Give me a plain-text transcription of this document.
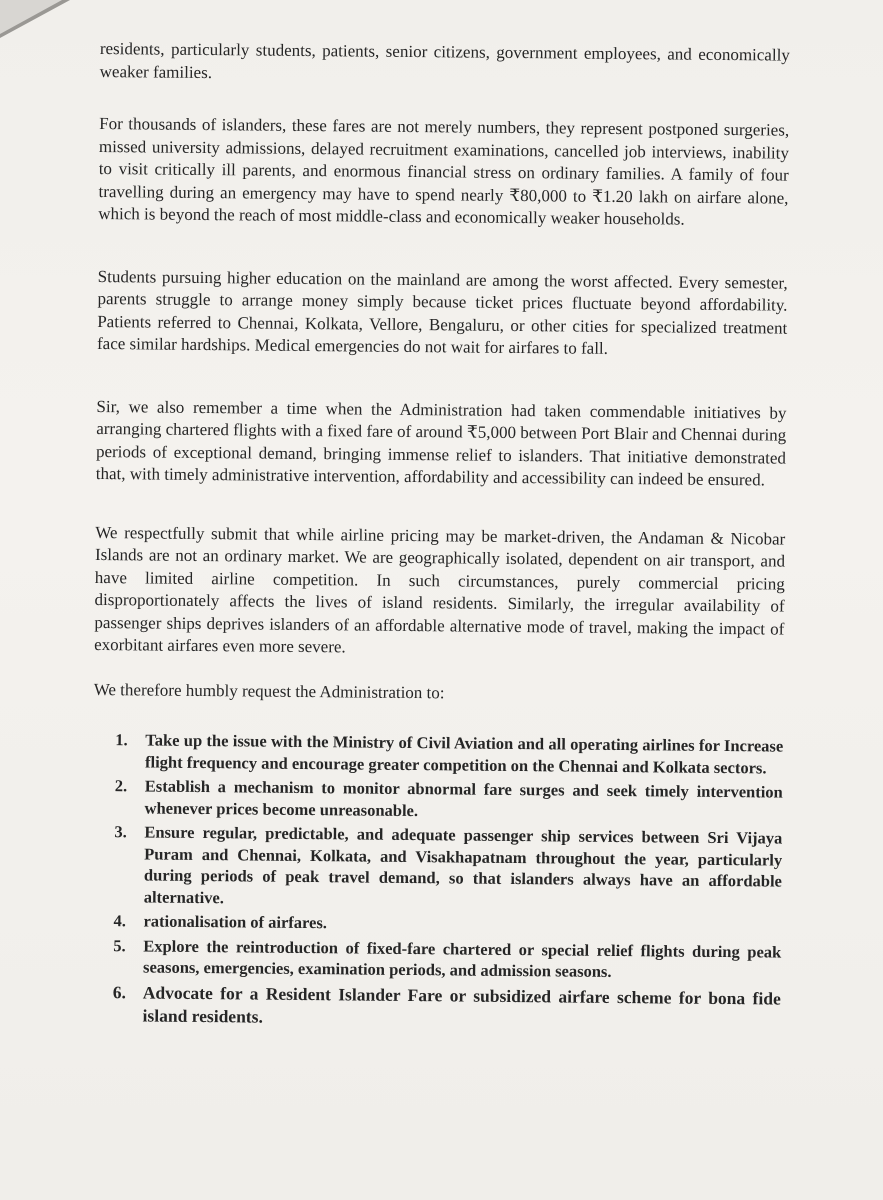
residents, particularly students, patients, senior citizens, government employees, and economically weaker families.

For thousands of islanders, these fares are not merely numbers, they represent postponed surgeries, missed university admissions, delayed recruitment examinations, cancelled job interviews, inability to visit critically ill parents, and enormous financial stress on ordinary families. A family of four travelling during an emergency may have to spend nearly ₹80,000 to ₹1.20 lakh on airfare alone, which is beyond the reach of most middle-class and economically weaker households.

Students pursuing higher education on the mainland are among the worst affected. Every semester, parents struggle to arrange money simply because ticket prices fluctuate beyond affordability. Patients referred to Chennai, Kolkata, Vellore, Bengaluru, or other cities for specialized treatment face similar hardships. Medical emergencies do not wait for airfares to fall.

Sir, we also remember a time when the Administration had taken commendable initiatives by arranging chartered flights with a fixed fare of around ₹5,000 between Port Blair and Chennai during periods of exceptional demand, bringing immense relief to islanders. That initiative demonstrated that, with timely administrative intervention, affordability and accessibility can indeed be ensured.

We respectfully submit that while airline pricing may be market-driven, the Andaman & Nicobar Islands are not an ordinary market. We are geographically isolated, dependent on air transport, and have limited airline competition. In such circumstances, purely commercial pricing disproportionately affects the lives of island residents. Similarly, the irregular availability of passenger ships deprives islanders of an affordable alternative mode of travel, making the impact of exorbitant airfares even more severe.

We therefore humbly request the Administration to:

1. Take up the issue with the Ministry of Civil Aviation and all operating airlines for Increase flight frequency and encourage greater competition on the Chennai and Kolkata sectors.
2. Establish a mechanism to monitor abnormal fare surges and seek timely intervention whenever prices become unreasonable.
3. Ensure regular, predictable, and adequate passenger ship services between Sri Vijaya Puram and Chennai, Kolkata, and Visakhapatnam throughout the year, particularly during periods of peak travel demand, so that islanders always have an affordable alternative.
4. rationalisation of airfares.
5. Explore the reintroduction of fixed-fare chartered or special relief flights during peak seasons, emergencies, examination periods, and admission seasons.
6. Advocate for a Resident Islander Fare or subsidized airfare scheme for bona fide island residents.
